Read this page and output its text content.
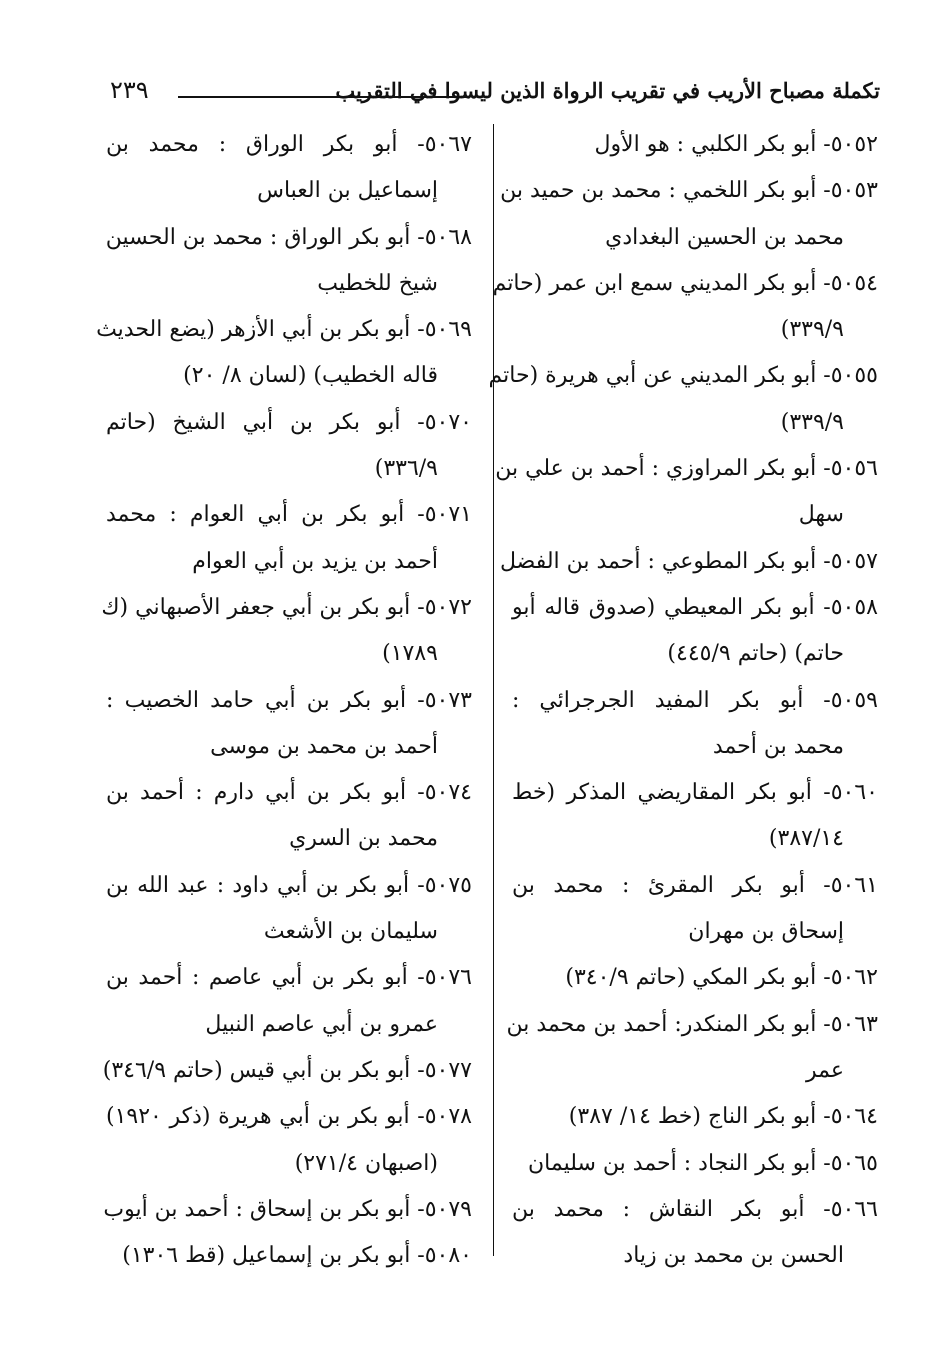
تكملة مصباح الأريب في تقريب الرواة الذين ليسوا في التقريب
٢٣٩

٥٠٥٢- أبو بكر الكلبي : هو الأول

٥٠٥٣- أبو بكر اللخمي : محمد بن حميد بن

محمد بن الحسين البغدادي

٥٠٥٤- أبو بكر المديني سمع ابن عمر (حاتم

٣٣٩/٩)

٥٠٥٥- أبو بكر المديني عن أبي هريرة (حاتم

٣٣٩/٩)

٥٠٥٦- أبو بكر المراوزي : أحمد بن علي بن

سهل

٥٠٥٧- أبو بكر المطوعي : أحمد بن الفضل

٥٠٥٨- أبو بكر المعيطي (صدوق قاله أبو

حاتم) (حاتم ٤٤٥/٩)

٥٠٥٩- أبو بكر المفيد الجرجرائي :

محمد بن أحمد

٥٠٦٠- أبو بكر المقاريضي المذكر (خط

٣٨٧/١٤)

٥٠٦١- أبو بكر المقرئ : محمد بن

إسحاق بن مهران

٥٠٦٢- أبو بكر المكي (حاتم ٣٤٠/٩)

٥٠٦٣- أبو بكر المنكدر: أحمد بن محمد بن

عمر

٥٠٦٤- أبو بكر الناج (خط ١٤/ ٣٨٧)

٥٠٦٥- أبو بكر النجاد : أحمد بن سليمان

٥٠٦٦- أبو بكر النقاش : محمد بن

الحسن بن محمد بن زياد

٥٠٦٧- أبو بكر الوراق : محمد بن

إسماعيل بن العباس

٥٠٦٨- أبو بكر الوراق : محمد بن الحسين

شيخ للخطيب

٥٠٦٩- أبو بكر بن أبي الأزهر (يضع الحديث

قاله الخطيب) (لسان ٨/ ٢٠)

٥٠٧٠- أبو بكر بن أبي الشيخ (حاتم

٣٣٦/٩)

٥٠٧١- أبو بكر بن أبي العوام : محمد

أحمد بن يزيد بن أبي العوام

٥٠٧٢- أبو بكر بن أبي جعفر الأصبهاني (ك

١٧٨٩)

٥٠٧٣- أبو بكر بن أبي حامد الخصيب :

أحمد بن محمد بن موسى

٥٠٧٤- أبو بكر بن أبي دارم : أحمد بن

محمد بن السري

٥٠٧٥- أبو بكر بن أبي داود : عبد الله بن

سليمان بن الأشعث

٥٠٧٦- أبو بكر بن أبي عاصم : أحمد بن

عمرو بن أبي عاصم النبيل

٥٠٧٧- أبو بكر بن أبي قيس (حاتم ٣٤٦/٩)

٥٠٧٨- أبو بكر بن أبي هريرة (ذكر ١٩٢٠)

(اصبهان ٢٧١/٤)

٥٠٧٩- أبو بكر بن إسحاق : أحمد بن أيوب

٥٠٨٠- أبو بكر بن إسماعيل (قط ١٣٠٦)
